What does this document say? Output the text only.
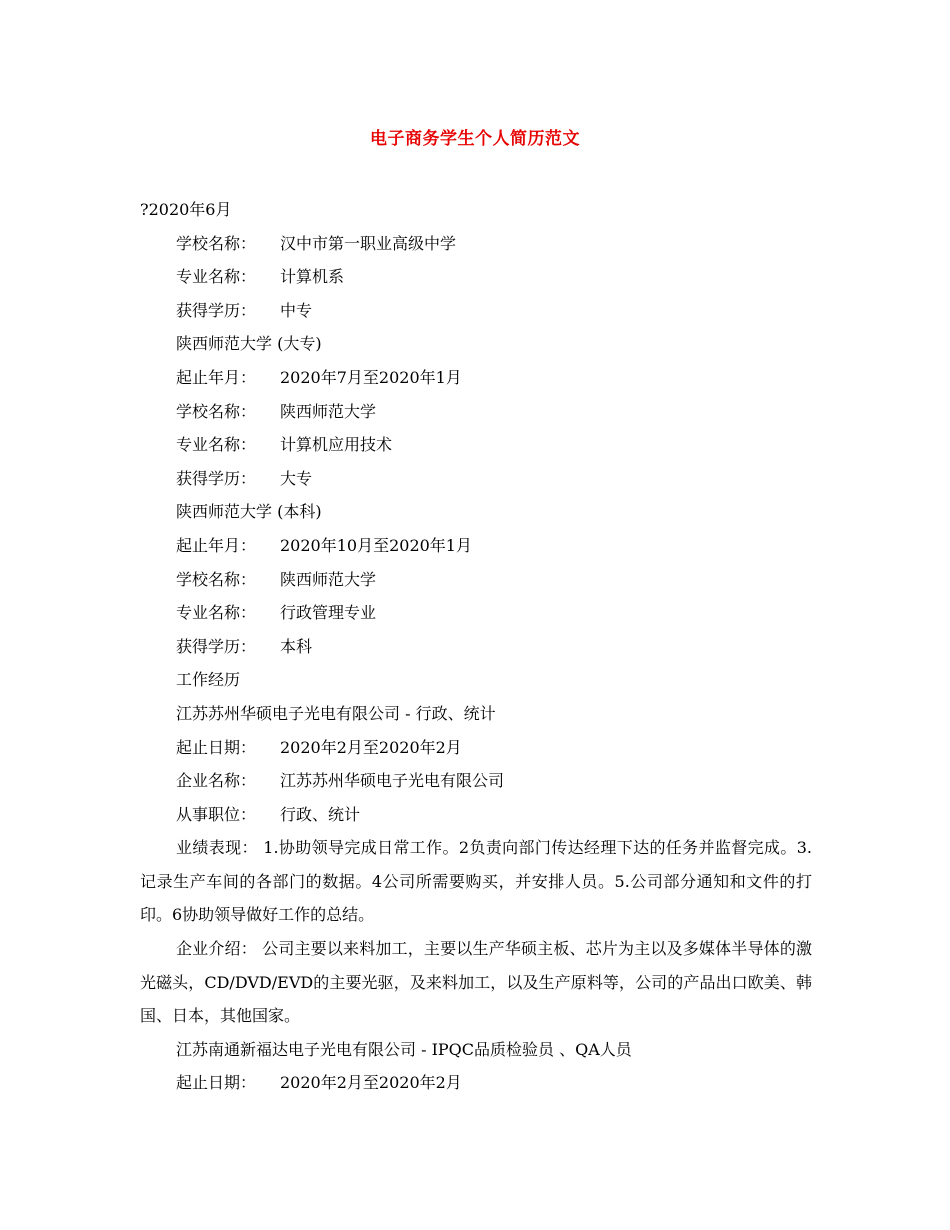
电子商务学生个人简历范文
?2020年6月
学校名称： 汉中市第一职业高级中学
专业名称： 计算机系
获得学历： 中专
陕西师范大学 (大专)
起止年月： 2020年7月至2020年1月
学校名称： 陕西师范大学
专业名称： 计算机应用技术
获得学历： 大专
陕西师范大学 (本科)
起止年月： 2020年10月至2020年1月
学校名称： 陕西师范大学
专业名称： 行政管理专业
获得学历： 本科
工作经历
江苏苏州华硕电子光电有限公司 - 行政、统计
起止日期： 2020年2月至2020年2月
企业名称： 江苏苏州华硕电子光电有限公司
从事职位： 行政、统计
业绩表现： 1.协助领导完成日常工作。2负责向部门传达经理下达的任务并监督完成。3.记录生产车间的各部门的数据。4公司所需要购买，并安排人员。5.公司部分通知和文件的打印。6协助领导做好工作的总结。
企业介绍： 公司主要以来料加工，主要以生产华硕主板、芯片为主以及多媒体半导体的激光磁头，CD/DVD/EVD的主要光驱，及来料加工，以及生产原料等，公司的产品出口欧美、韩国、日本，其他国家。
江苏南通新福达电子光电有限公司 - IPQC品质检验员 、QA人员
起止日期： 2020年2月至2020年2月
